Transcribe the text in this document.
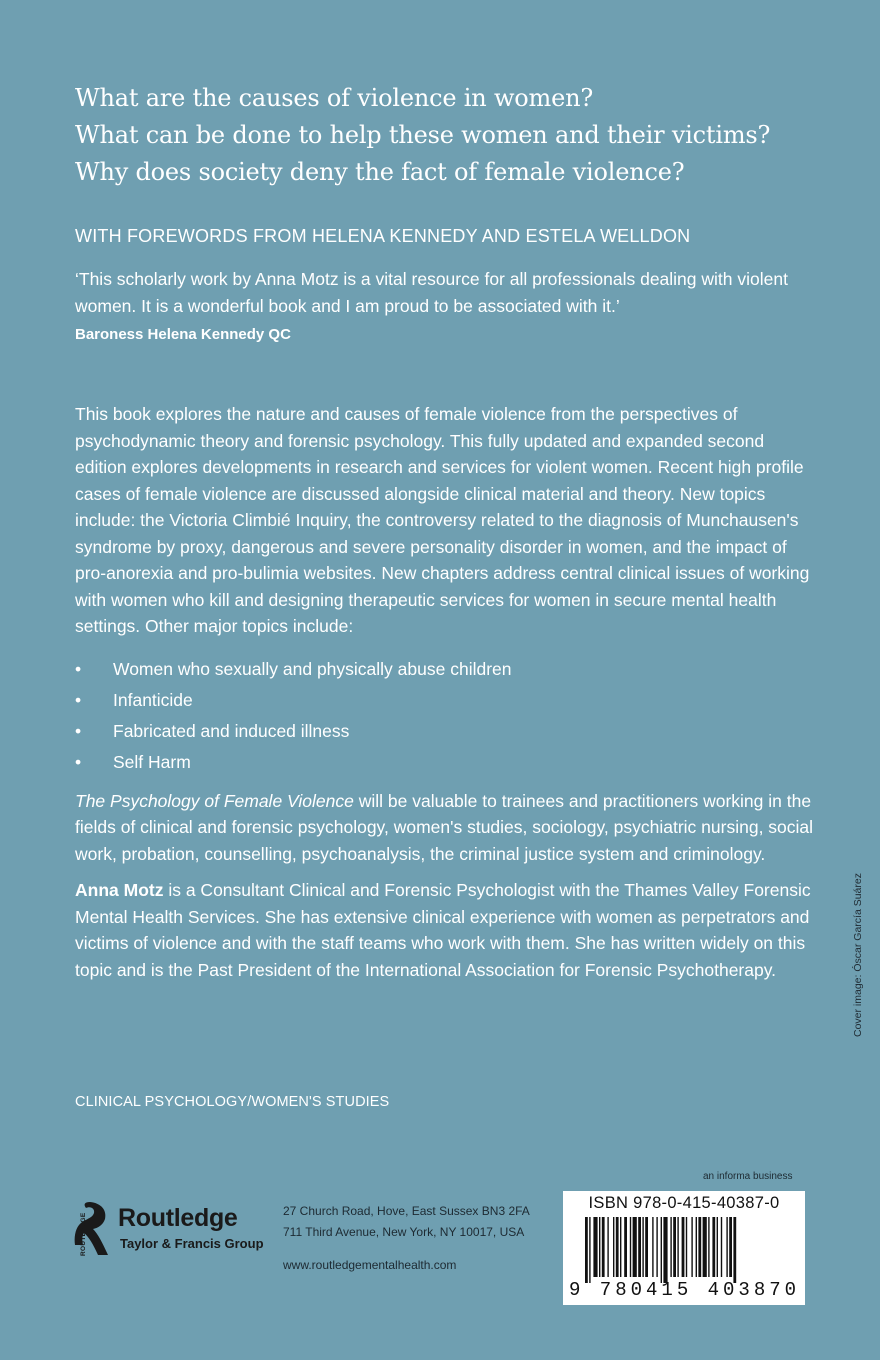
What are the causes of violence in women?
What can be done to help these women and their victims?
Why does society deny the fact of female violence?
WITH FOREWORDS FROM HELENA KENNEDY AND ESTELA WELLDON
‘This scholarly work by Anna Motz is a vital resource for all professionals dealing with violent women. It is a wonderful book and I am proud to be associated with it.’
Baroness Helena Kennedy QC

This book explores the nature and causes of female violence from the perspectives of psychodynamic theory and forensic psychology. This fully updated and expanded second edition explores developments in research and services for violent women. Recent high profile cases of female violence are discussed alongside clinical material and theory. New topics include: the Victoria Climbié Inquiry, the controversy related to the diagnosis of Munchausen's syndrome by proxy, dangerous and severe personality disorder in women, and the impact of pro-anorexia and pro-bulimia websites. New chapters address central clinical issues of working with women who kill and designing therapeutic services for women in secure mental health settings. Other major topics include:

• Women who sexually and physically abuse children
• Infanticide
• Fabricated and induced illness
• Self Harm

The Psychology of Female Violence will be valuable to trainees and practitioners working in the fields of clinical and forensic psychology, women's studies, sociology, psychiatric nursing, social work, probation, counselling, psychoanalysis, the criminal justice system and criminology.

Anna Motz is a Consultant Clinical and Forensic Psychologist with the Thames Valley Forensic Mental Health Services. She has extensive clinical experience with women as perpetrators and victims of violence and with the staff teams who work with them. She has written widely on this topic and is the Past President of the International Association for Forensic Psychotherapy.

CLINICAL PSYCHOLOGY/WOMEN'S STUDIES
Cover image: Óscar García Suárez
ROUTLEDGE Routledge
Taylor & Francis Group
27 Church Road, Hove, East Sussex BN3 2FA
711 Third Avenue, New York, NY 10017, USA
www.routledgementalhealth.com
an informa business
ISBN 978-0-415-40387-0
9 780415 403870
